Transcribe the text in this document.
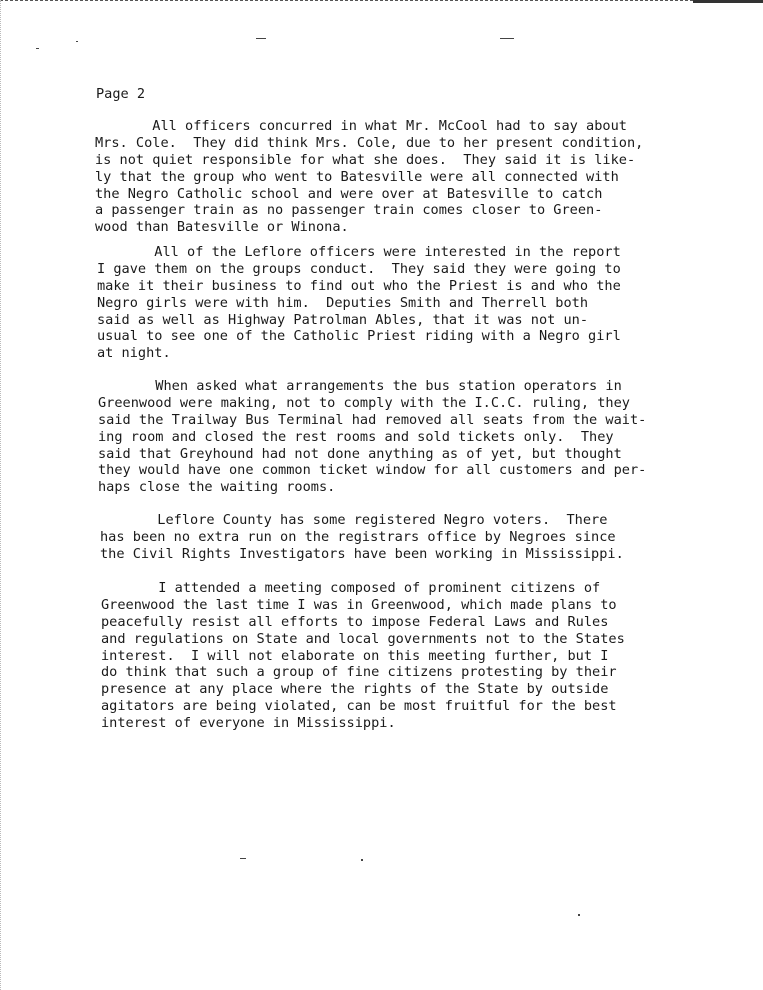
Page 2
All officers concurred in what Mr. McCool had to say about
Mrs. Cole.  They did think Mrs. Cole, due to her present condition,
is not quiet responsible for what she does.  They said it is like-
ly that the group who went to Batesville were all connected with
the Negro Catholic school and were over at Batesville to catch
a passenger train as no passenger train comes closer to Green-
wood than Batesville or Winona.
All of the Leflore officers were interested in the report
I gave them on the groups conduct.  They said they were going to
make it their business to find out who the Priest is and who the
Negro girls were with him.  Deputies Smith and Therrell both
said as well as Highway Patrolman Ables, that it was not un-
usual to see one of the Catholic Priest riding with a Negro girl
at night.
When asked what arrangements the bus station operators in
Greenwood were making, not to comply with the I.C.C. ruling, they
said the Trailway Bus Terminal had removed all seats from the wait-
ing room and closed the rest rooms and sold tickets only.  They
said that Greyhound had not done anything as of yet, but thought
they would have one common ticket window for all customers and per-
haps close the waiting rooms.
Leflore County has some registered Negro voters.  There
has been no extra run on the registrars office by Negroes since
the Civil Rights Investigators have been working in Mississippi.
I attended a meeting composed of prominent citizens of
Greenwood the last time I was in Greenwood, which made plans to
peacefully resist all efforts to impose Federal Laws and Rules
and regulations on State and local governments not to the States
interest.  I will not elaborate on this meeting further, but I
do think that such a group of fine citizens protesting by their
presence at any place where the rights of the State by outside
agitators are being violated, can be most fruitful for the best
interest of everyone in Mississippi.
